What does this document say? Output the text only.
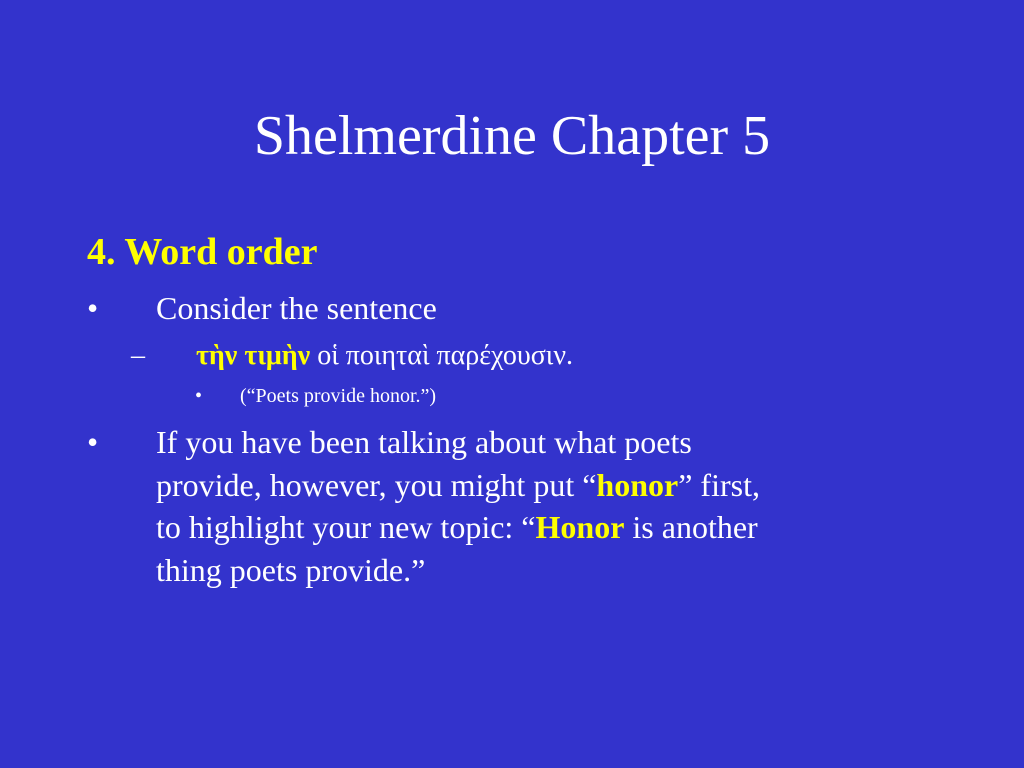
Shelmerdine Chapter 5
4. Word order
• Consider the sentence
– τὴν τιμὴν οἱ ποιηταὶ παρέχουσιν.
• (“Poets provide honor.”)
• If you have been talking about what poets
provide, however, you might put “honor” first,
to highlight your new topic: “Honor is another
thing poets provide.”
